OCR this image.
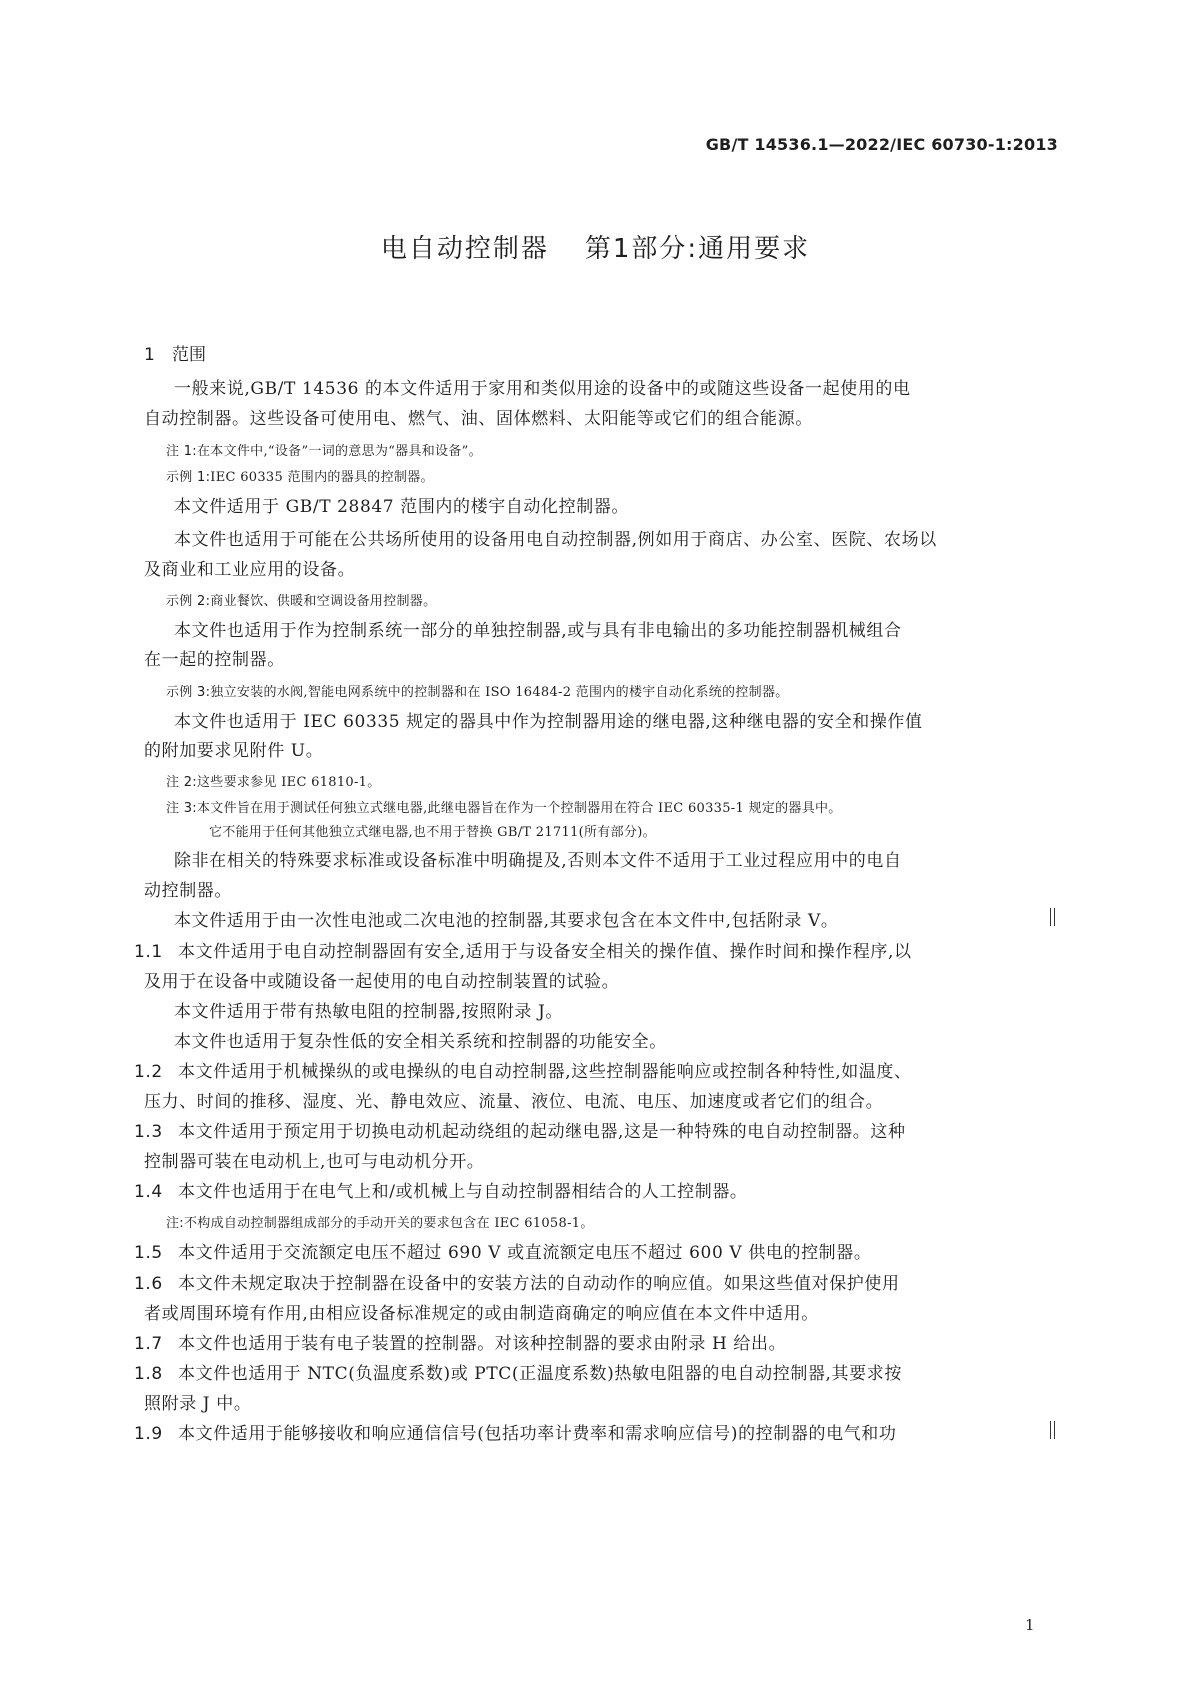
GB/T 14536.1—2022/IEC 60730-1:2013
电自动控制器 第1部分:通用要求
1 范围
一般来说,GB/T 14536 的本文件适用于家用和类似用途的设备中的或随这些设备一起使用的电
自动控制器。这些设备可使用电、燃气、油、固体燃料、太阳能等或它们的组合能源。
注 1:在本文件中,“设备”一词的意思为“器具和设备”。
示例 1:IEC 60335 范围内的器具的控制器。
本文件适用于 GB/T 28847 范围内的楼宇自动化控制器。
本文件也适用于可能在公共场所使用的设备用电自动控制器,例如用于商店、办公室、医院、农场以
及商业和工业应用的设备。
示例 2:商业餐饮、供暖和空调设备用控制器。
本文件也适用于作为控制系统一部分的单独控制器,或与具有非电输出的多功能控制器机械组合
在一起的控制器。
示例 3:独立安装的水阀,智能电网系统中的控制器和在 ISO 16484-2 范围内的楼宇自动化系统的控制器。
本文件也适用于 IEC 60335 规定的器具中作为控制器用途的继电器,这种继电器的安全和操作值
的附加要求见附件 U。
注 2:这些要求参见 IEC 61810-1。
注 3:本文件旨在用于测试任何独立式继电器,此继电器旨在作为一个控制器用在符合 IEC 60335-1 规定的器具中。
它不能用于任何其他独立式继电器,也不用于替换 GB/T 21711(所有部分)。
除非在相关的特殊要求标准或设备标准中明确提及,否则本文件不适用于工业过程应用中的电自
动控制器。
本文件适用于由一次性电池或二次电池的控制器,其要求包含在本文件中,包括附录 V。
1.1 本文件适用于电自动控制器固有安全,适用于与设备安全相关的操作值、操作时间和操作程序,以
及用于在设备中或随设备一起使用的电自动控制装置的试验。
本文件适用于带有热敏电阻的控制器,按照附录 J。
本文件也适用于复杂性低的安全相关系统和控制器的功能安全。
1.2 本文件适用于机械操纵的或电操纵的电自动控制器,这些控制器能响应或控制各种特性,如温度、
压力、时间的推移、湿度、光、静电效应、流量、液位、电流、电压、加速度或者它们的组合。
1.3 本文件适用于预定用于切换电动机起动绕组的起动继电器,这是一种特殊的电自动控制器。这种
控制器可装在电动机上,也可与电动机分开。
1.4 本文件也适用于在电气上和/或机械上与自动控制器相结合的人工控制器。
注:不构成自动控制器组成部分的手动开关的要求包含在 IEC 61058-1。
1.5 本文件适用于交流额定电压不超过 690 V 或直流额定电压不超过 600 V 供电的控制器。
1.6 本文件未规定取决于控制器在设备中的安装方法的自动动作的响应值。如果这些值对保护使用
者或周围环境有作用,由相应设备标准规定的或由制造商确定的响应值在本文件中适用。
1.7 本文件也适用于装有电子装置的控制器。对该种控制器的要求由附录 H 给出。
1.8 本文件也适用于 NTC(负温度系数)或 PTC(正温度系数)热敏电阻器的电自动控制器,其要求按
照附录 J 中。
1.9 本文件适用于能够接收和响应通信信号(包括功率计费率和需求响应信号)的控制器的电气和功
1
